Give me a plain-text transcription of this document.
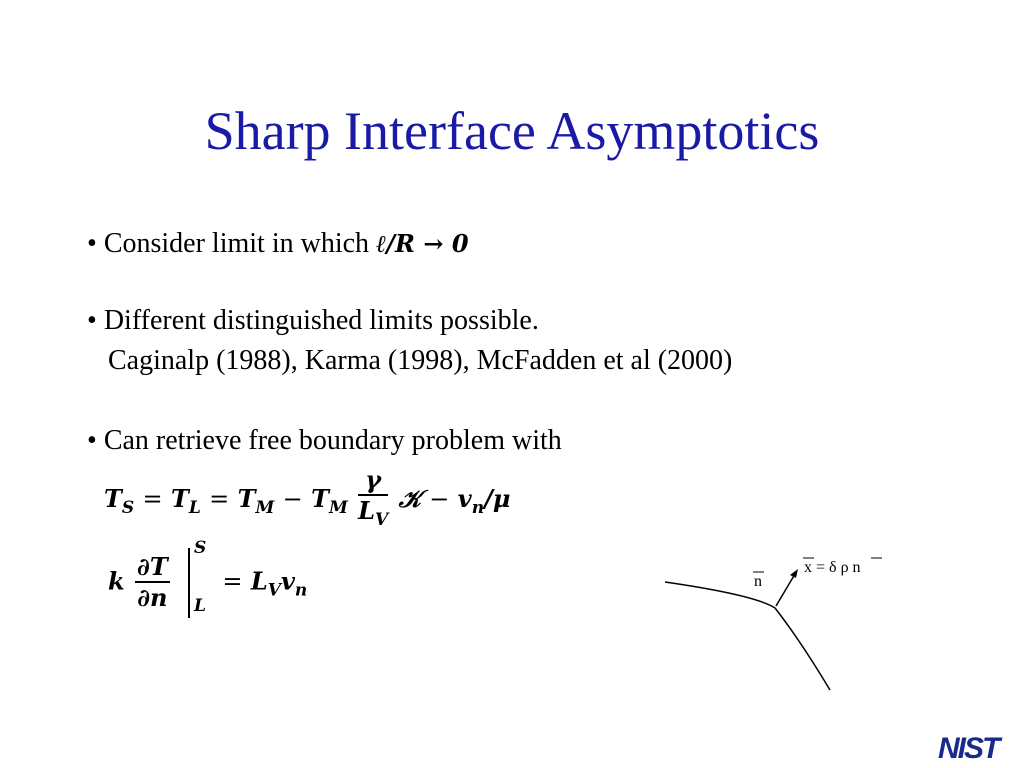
Sharp Interface Asymptotics
• Consider limit in which ℓ/R → 0
• Different distinguished limits possible.
Caginalp (1988), Karma (1998), McFadden et al (2000)
• Can retrieve free boundary problem with
$T_S = T_L = T_M - T_M \frac{\gamma}{L_V}$ 𝒦 − $v_n/\mu$
k $\frac{\partial T}{\partial n}$

S
L
= $L_Vv_n$	n
x = δ ρ n
NIST
